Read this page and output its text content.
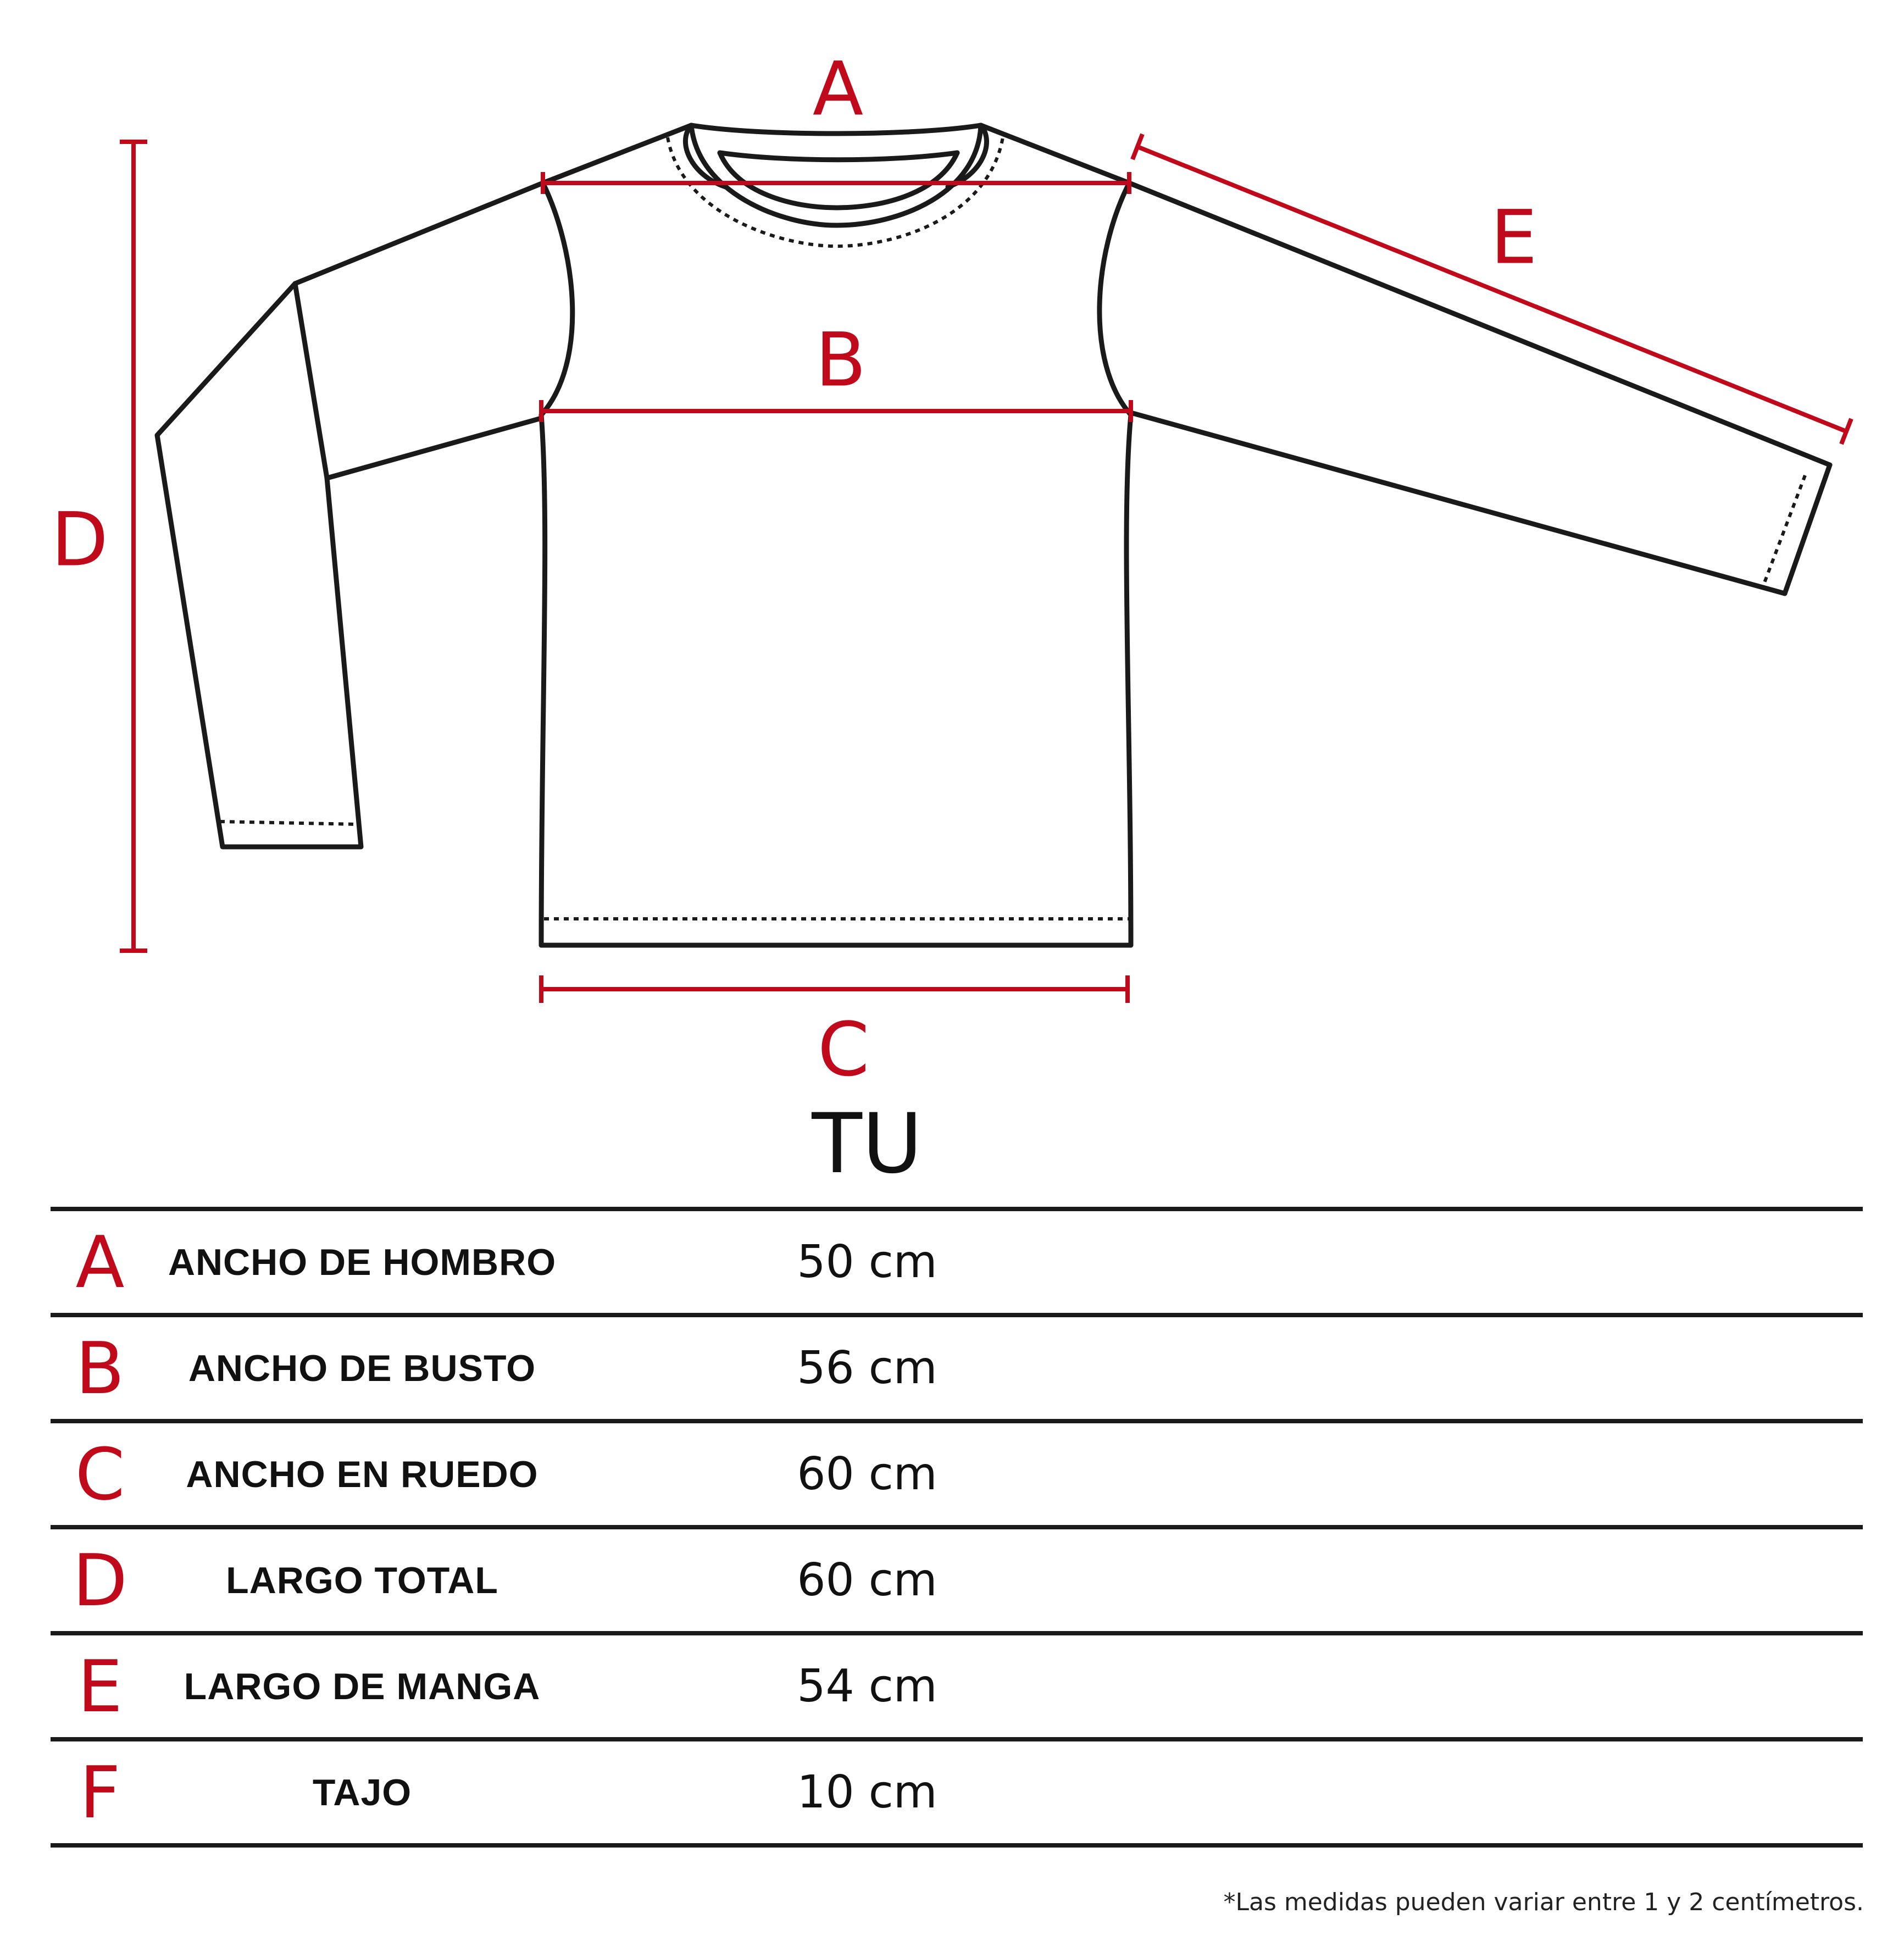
A
B
C
D
E
TU
A ANCHO DE HOMBRO	50 cm
B ANCHO DE BUSTO	56 cm
C ANCHO EN RUEDO	60 cm
D	LARGO TOTAL	60 cm
E LARGO DE MANGA	54 cm
F	TAJO	10 cm
*Las medidas pueden variar entre 1 y 2 centímetros.
